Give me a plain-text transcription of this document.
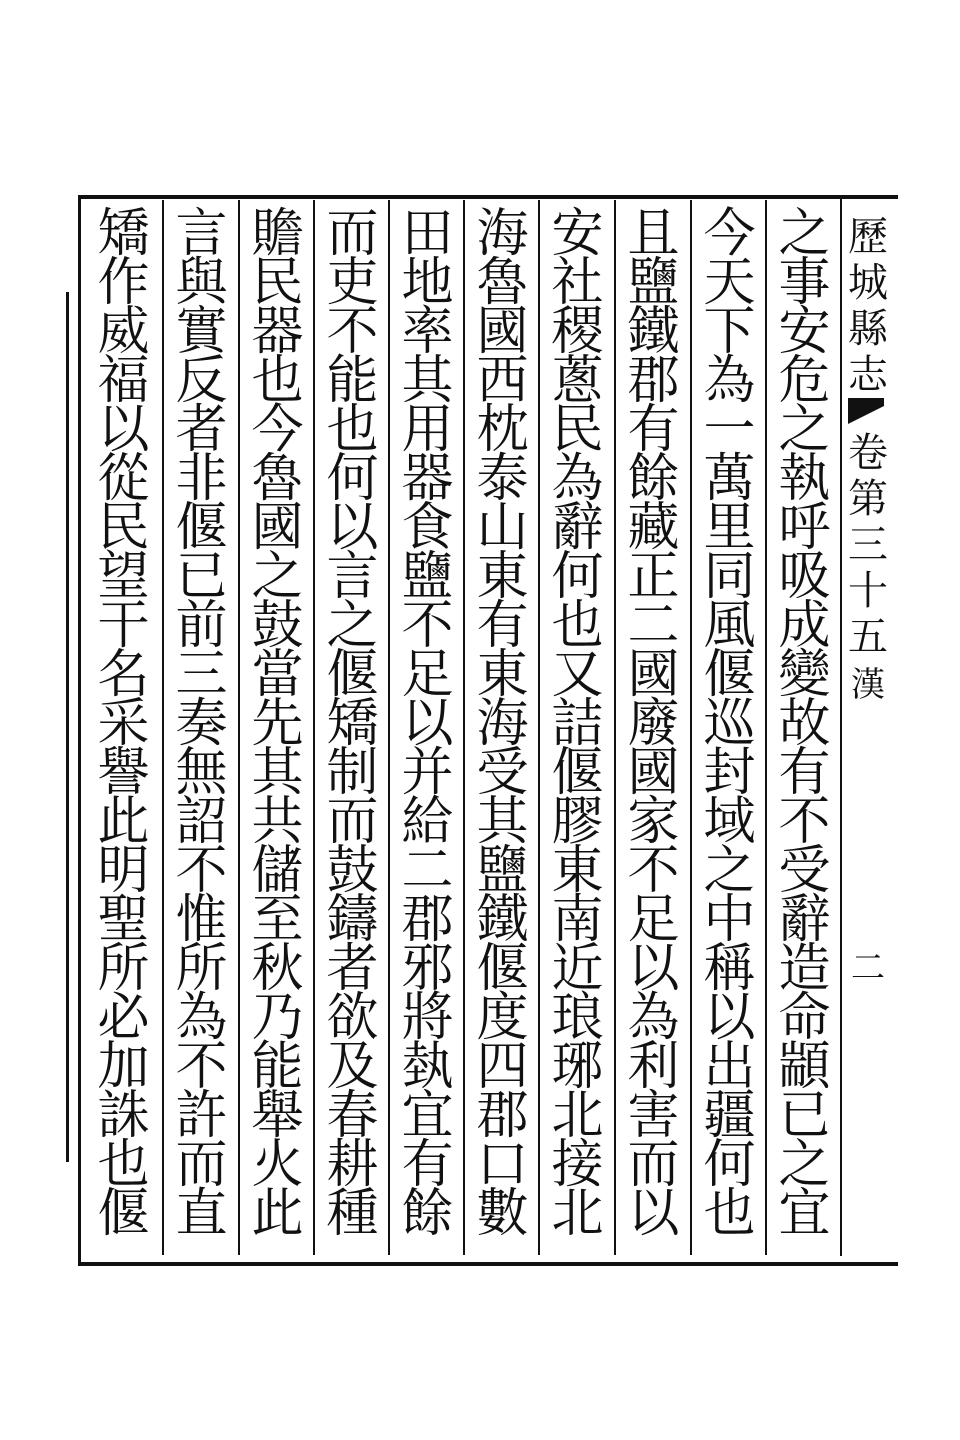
歷
城
縣
志
卷
第
三
十
五
漢
二
之
事
安
危
之
執
呼
吸
成
變
故
有
不
受
辭
造
命
顓
已
之
宜
今
天
下
為
一
萬
里
同
風
偃
巡
封
域
之
中
稱
以
出
疆
何
也
且
鹽
鐵
郡
有
餘
藏
正
二
國
廢
國
家
不
足
以
為
利
害
而
以
安
社
稷
蔥
民
為
辭
何
也
又
詰
偃
膠
東
南
近
琅
琊
北
接
北
海
魯
國
西
枕
泰
山
東
有
東
海
受
其
鹽
鐵
偃
度
四
郡
口
數
田
地
率
其
用
器
食
鹽
不
足
以
并
給
二
郡
邪
將
埶
宜
有
餘
而
吏
不
能
也
何
以
言
之
偃
矯
制
而
鼓
鑄
者
欲
及
春
耕
種
贍
民
器
也
今
魯
國
之
鼓
當
先
其
共
儲
至
秋
乃
能
舉
火
此
言
與
實
反
者
非
偃
已
前
三
奏
無
詔
不
惟
所
為
不
許
而
直
矯
作
威
福
以
從
民
望
干
名
采
譽
此
明
聖
所
必
加
誅
也
偃
